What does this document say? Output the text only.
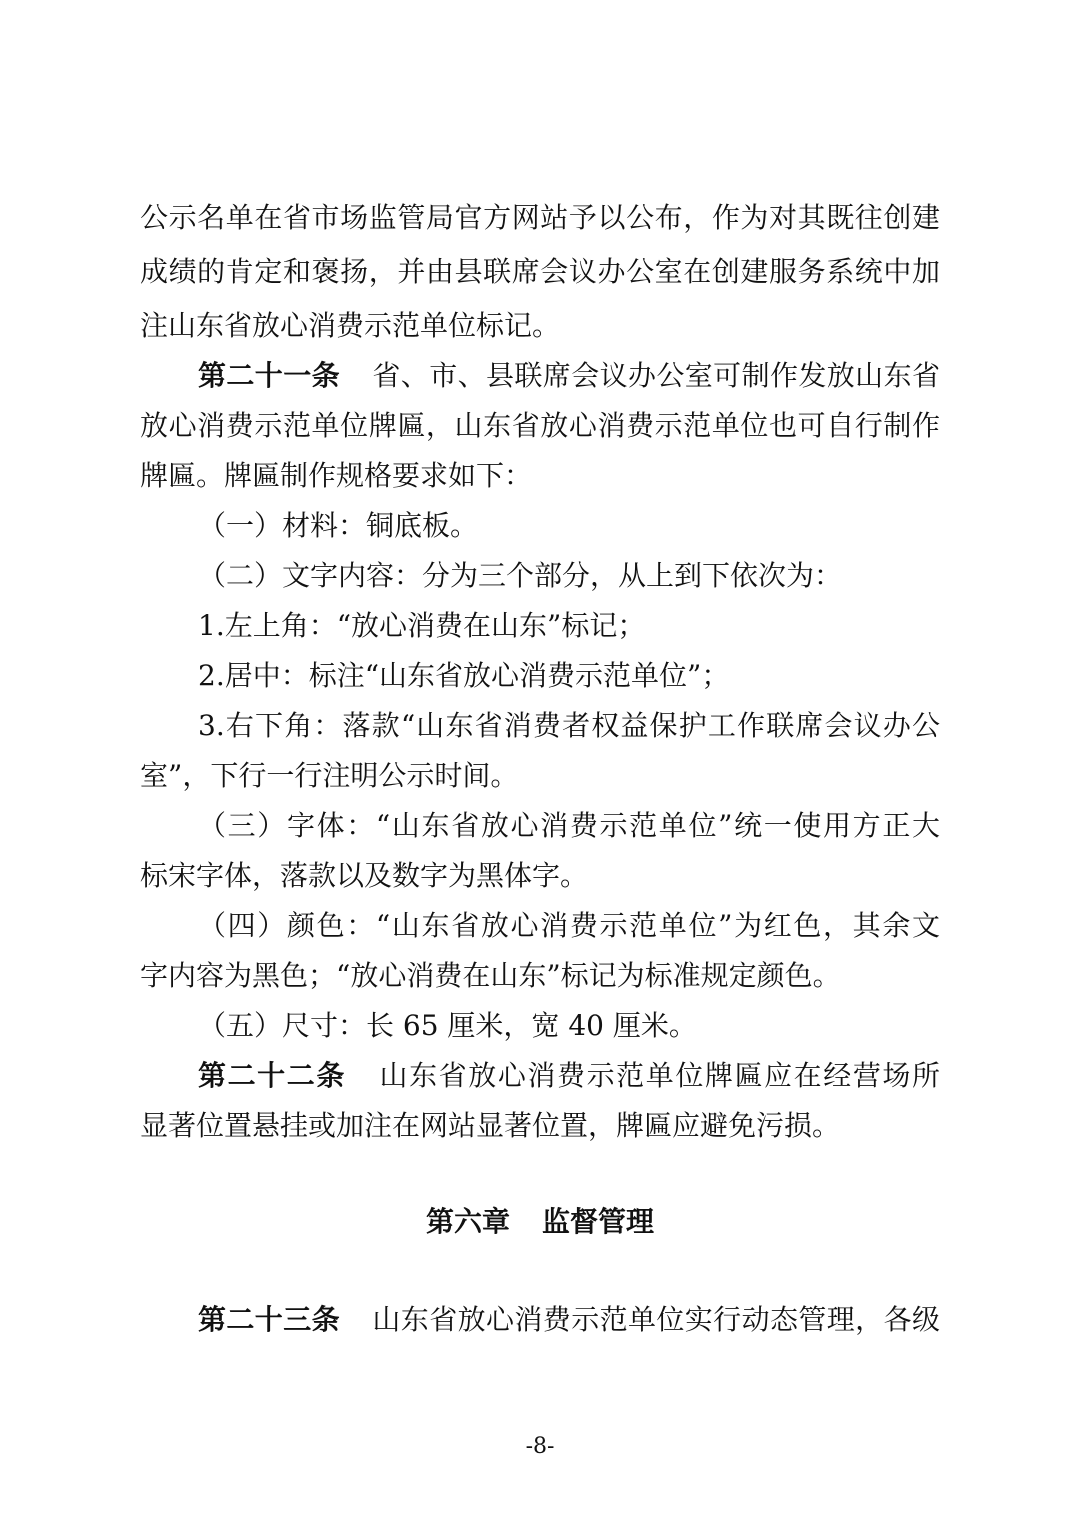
公示名单在省市场监管局官方网站予以公布，作为对其既往创建
成绩的肯定和褒扬，并由县联席会议办公室在创建服务系统中加
注山东省放心消费示范单位标记。
第二十一条 省、市、县联席会议办公室可制作发放山东省
放心消费示范单位牌匾，山东省放心消费示范单位也可自行制作
牌匾。牌匾制作规格要求如下：
（一）材料：铜底板。
（二）文字内容：分为三个部分，从上到下依次为：
1.左上角：“放心消费在山东”标记；
2.居中：标注“山东省放心消费示范单位”；
3.右下角：落款“山东省消费者权益保护工作联席会议办公
室”，下行一行注明公示时间。
（三）字体：“山东省放心消费示范单位”统一使用方正大
标宋字体，落款以及数字为黑体字。
（四）颜色：“山东省放心消费示范单位”为红色，其余文
字内容为黑色；“放心消费在山东”标记为标准规定颜色。
（五）尺寸：长 65 厘米，宽 40 厘米。
第二十二条 山东省放心消费示范单位牌匾应在经营场所
显著位置悬挂或加注在网站显著位置，牌匾应避免污损。
第六章 监督管理
第二十三条 山东省放心消费示范单位实行动态管理，各级
-8-
